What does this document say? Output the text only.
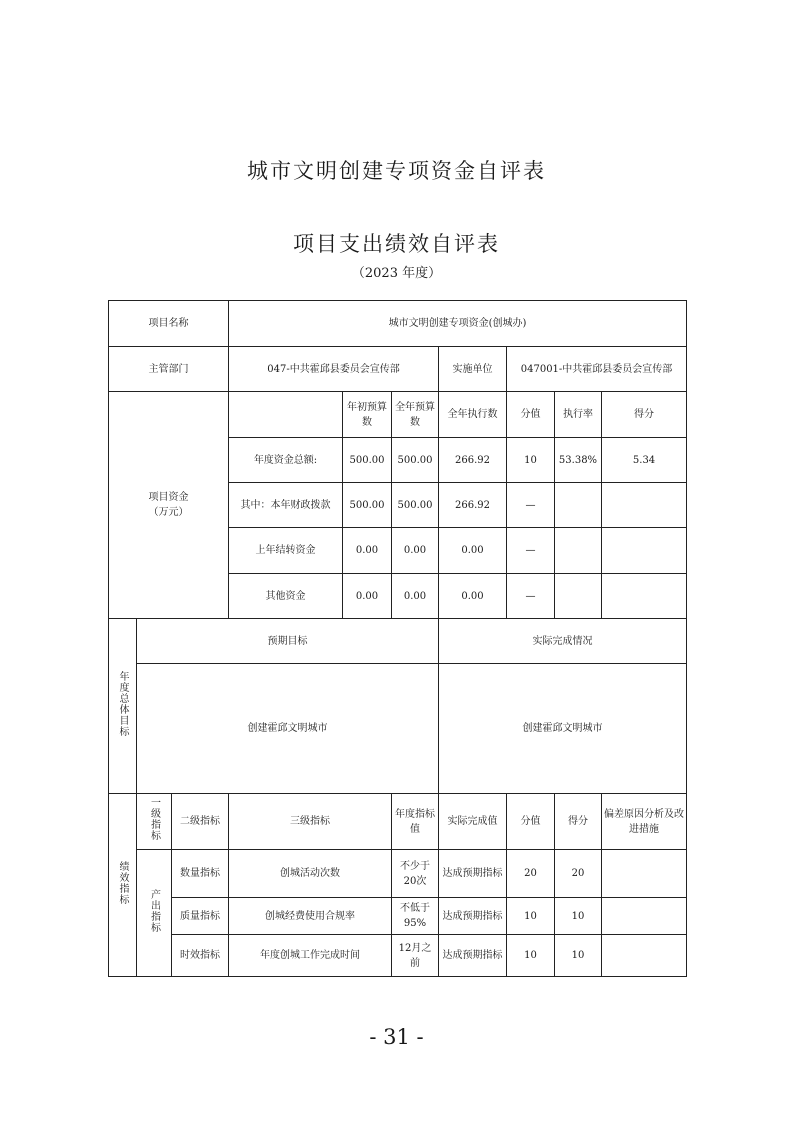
城市文明创建专项资金自评表
项目支出绩效自评表
（2023 年度）
项目名称			城市文明创建专项资金(创城办)						
主管部门			047-中共霍邱县委员会宣传部			实施单位	047001-中共霍邱县委员会宣传部		
项目资金
（万元）				年初预算数	全年预算数	全年执行数	分值	执行率	得分
			年度资金总额:	500.00	500.00	266.92	10	53.38%	5.34
			其中：本年财政拨款	500.00	500.00	266.92	—		
			上年结转资金	0.00	0.00	0.00	—		
			其他资金	0.00	0.00	0.00	—		
年度总体目标	预期目标					实际完成情况			
	创建霍邱文明城市					创建霍邱文明城市			
绩效指标	一级指标	二级指标	三级指标		年度指标值	实际完成值	分值	得分	偏差原因分析及改进措施
	产出指标	数量指标	创城活动次数		不少于20次	达成预期指标	20	20	
		质量指标	创城经费使用合规率		不低于95%	达成预期指标	10	10	
		时效指标	年度创城工作完成时间		12月之前	达成预期指标	10	10	
- 31 -
